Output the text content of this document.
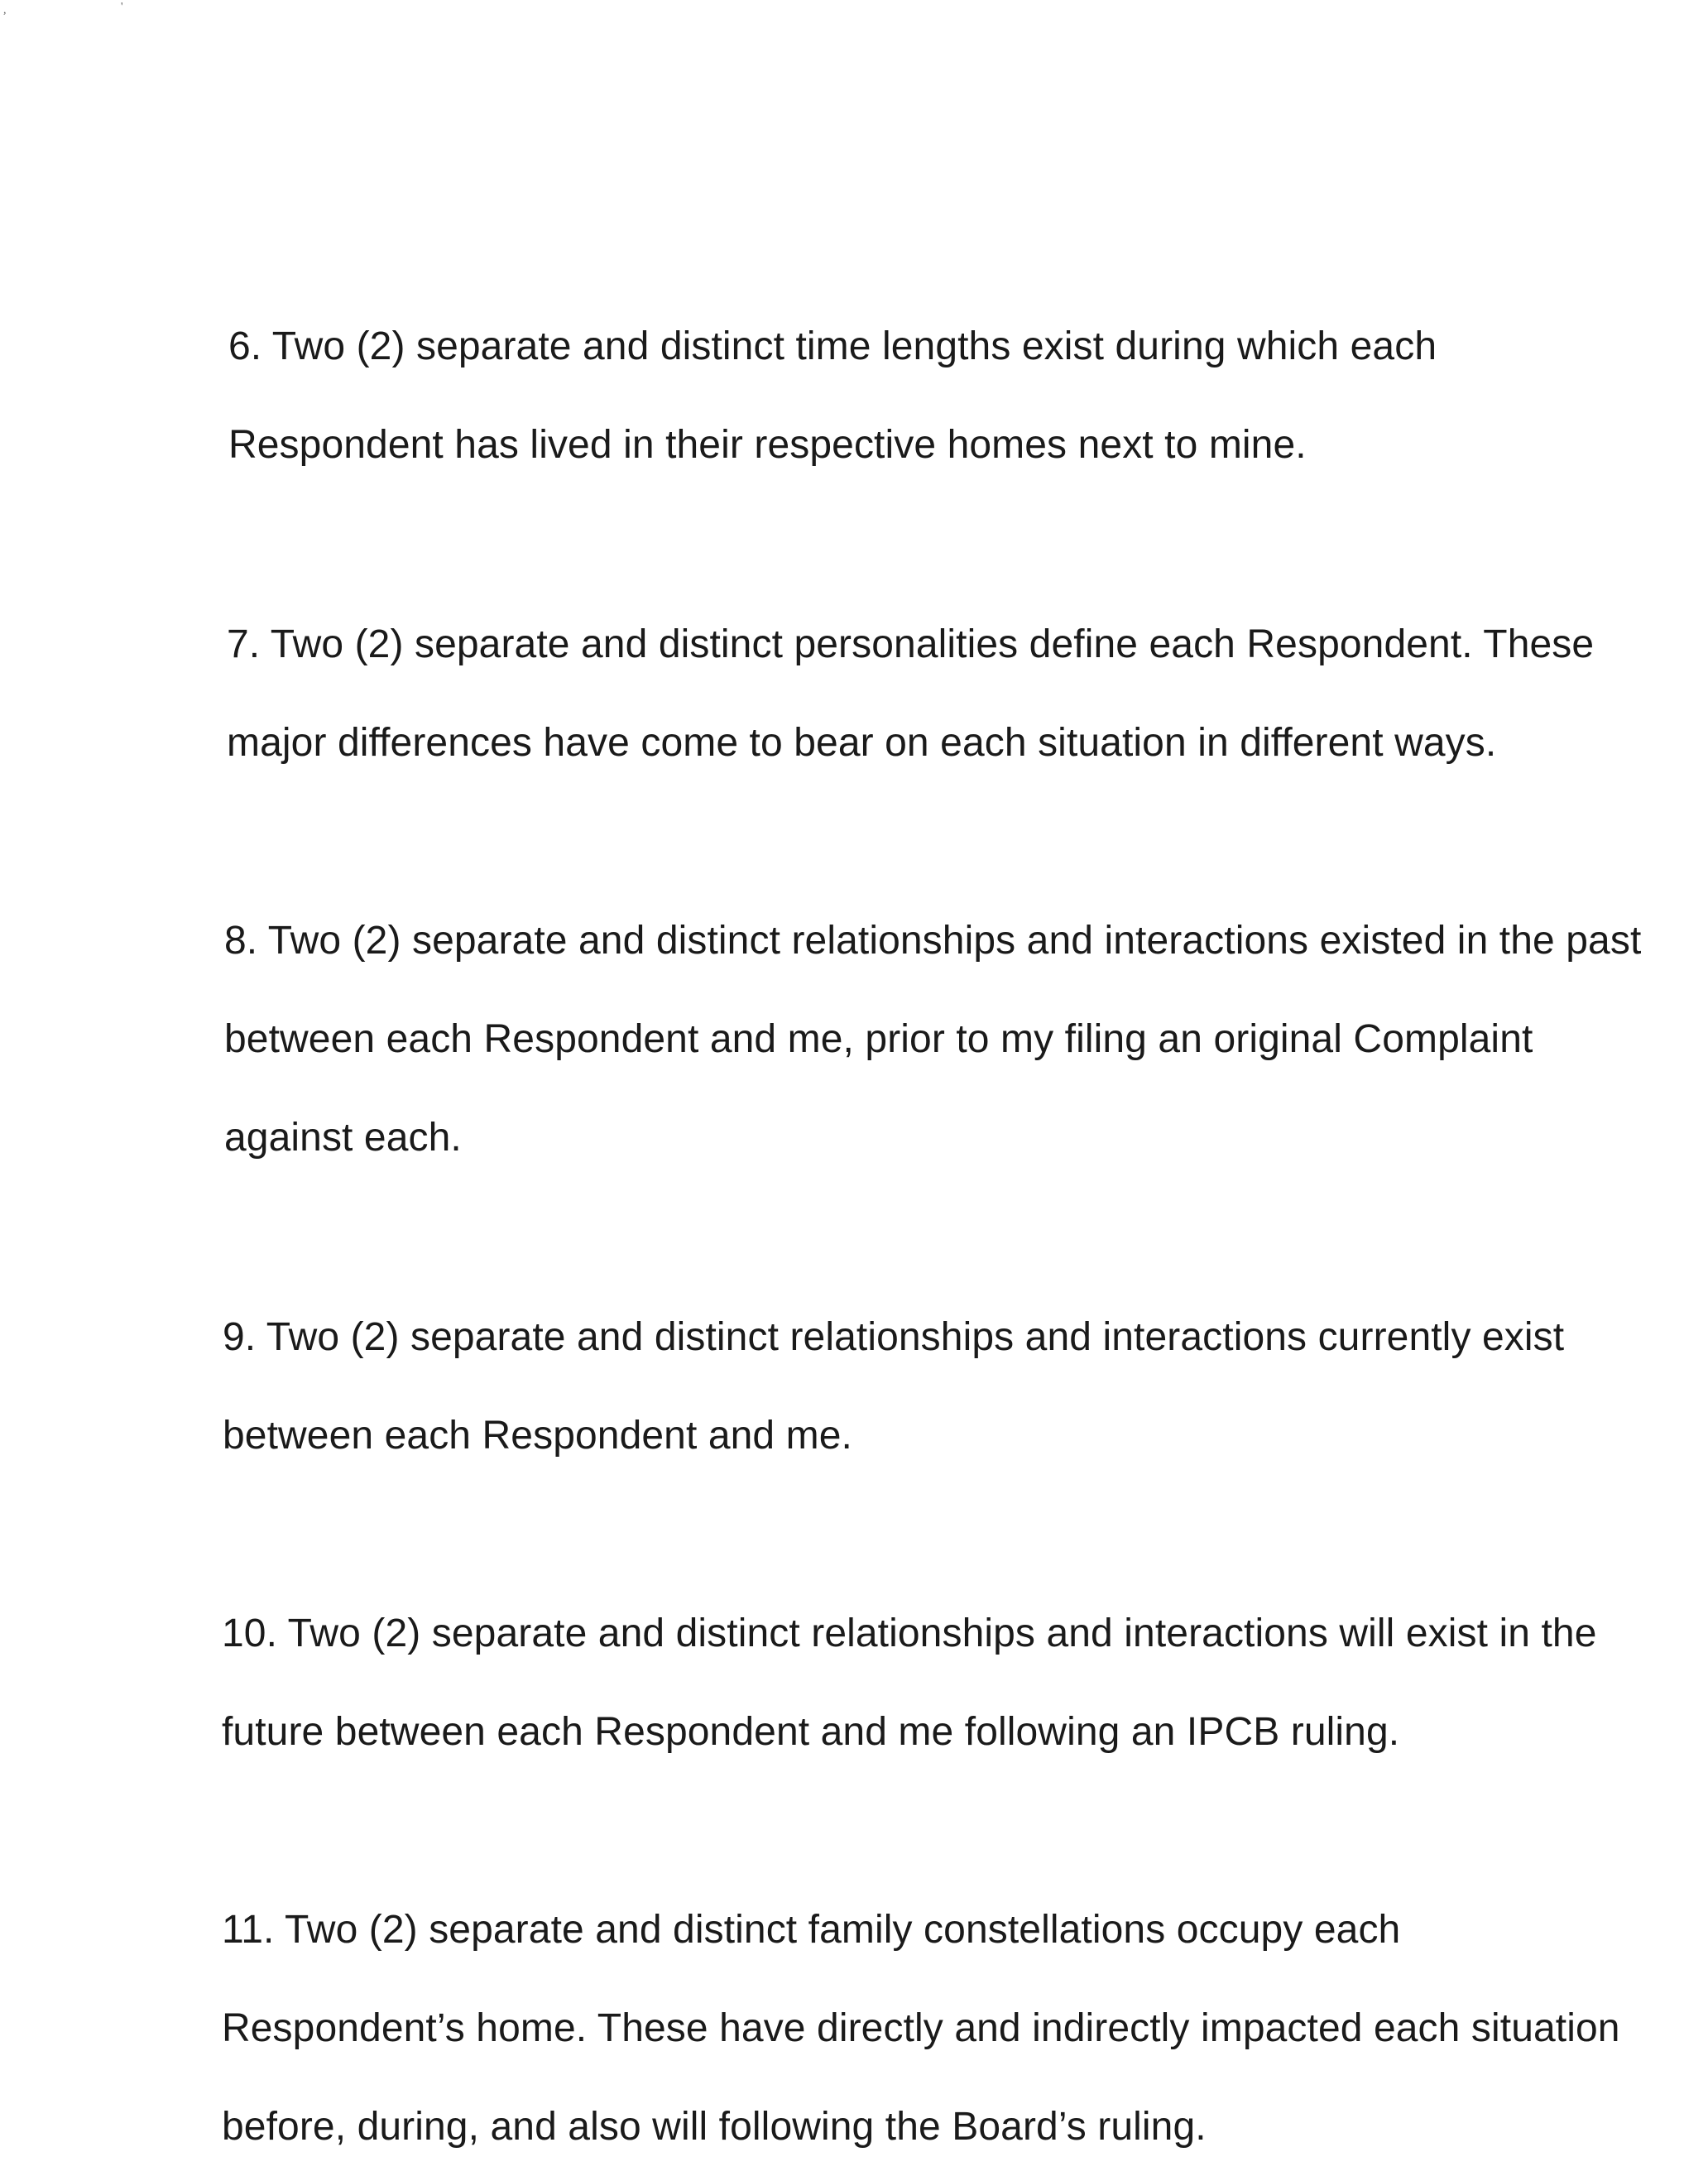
,	'
6. Two (2) separate and distinct time lengths exist during which each
Respondent has lived in their respective homes next to mine.
7. Two (2) separate and distinct personalities define each Respondent. These
major differences have come to bear on each situation in different ways.
8. Two (2) separate and distinct relationships and interactions existed in the past
between each Respondent and me, prior to my filing an original Complaint
against each.
9. Two (2) separate and distinct relationships and interactions currently exist
between each Respondent and me.
10. Two (2) separate and distinct relationships and interactions will exist in the
future between each Respondent and me following an IPCB ruling.
11. Two (2) separate and distinct family constellations occupy each
Respondent’s home. These have directly and indirectly impacted each situation
before, during, and also will following the Board’s ruling.
